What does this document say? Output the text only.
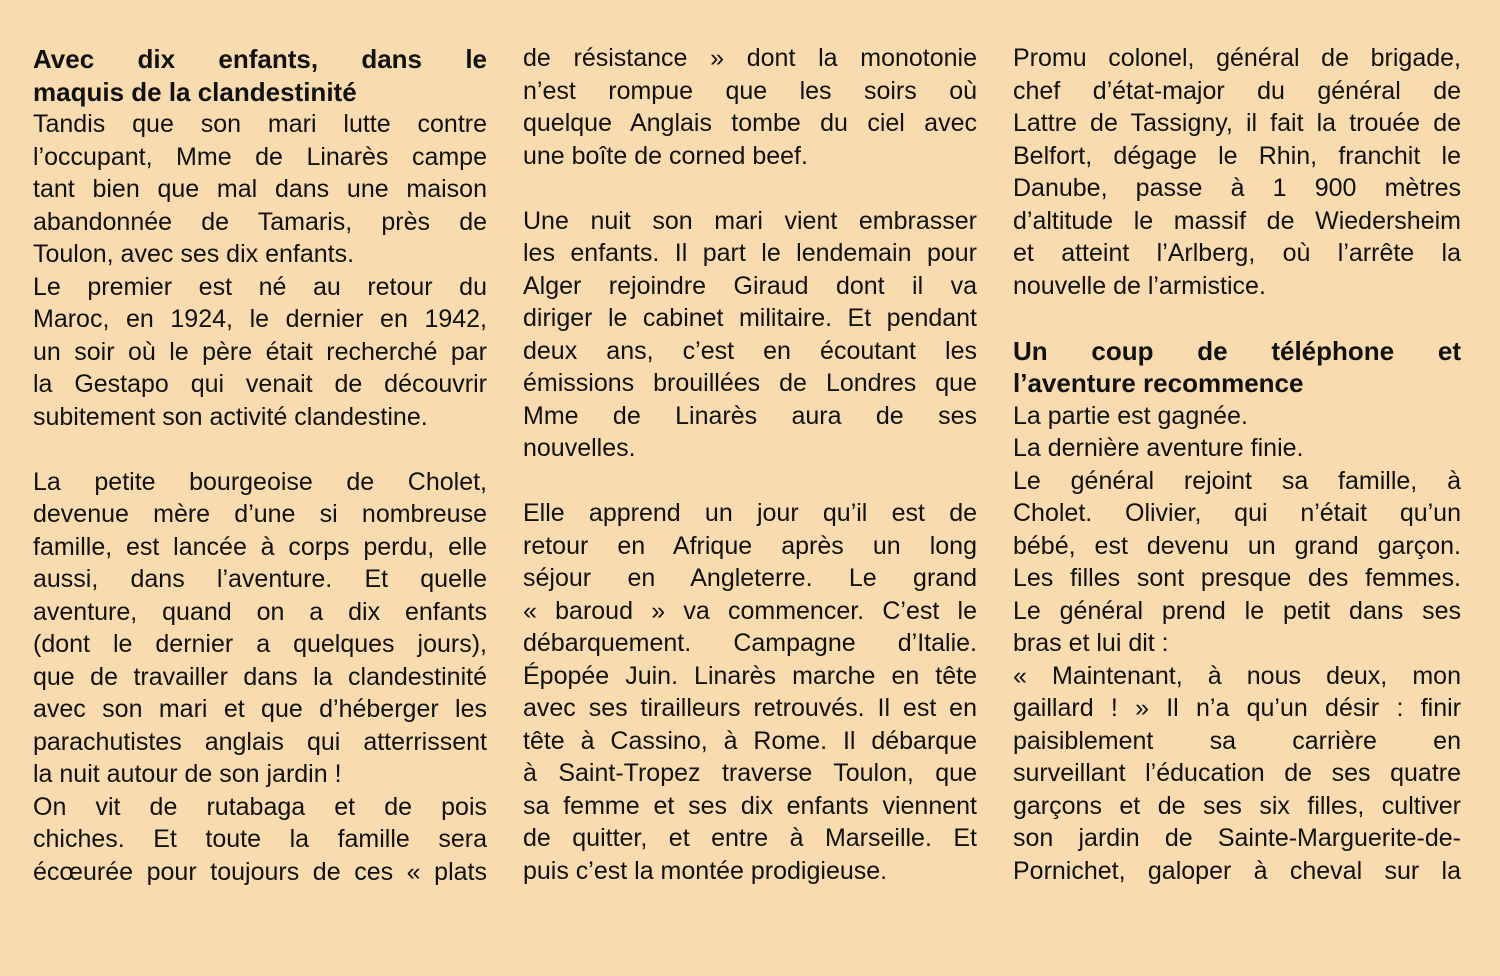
Avec dix enfants, dans le
maquis de la clandestinité
Tandis que son mari lutte contre
l’occupant, Mme de Linarès campe
tant bien que mal dans une maison
abandonnée de Tamaris, près de
Toulon, avec ses dix enfants.
Le premier est né au retour du
Maroc, en 1924, le dernier en 1942,
un soir où le père était recherché par
la Gestapo qui venait de découvrir
subitement son activité clandestine.
La petite bourgeoise de Cholet,
devenue mère d’une si nombreuse
famille, est lancée à corps perdu, elle
aussi, dans l’aventure. Et quelle
aventure, quand on a dix enfants
(dont le dernier a quelques jours),
que de travailler dans la clandestinité
avec son mari et que d’héberger les
parachutistes anglais qui atterrissent
la nuit autour de son jardin !
On vit de rutabaga et de pois
chiches. Et toute la famille sera
écœurée pour toujours de ces « plats
de résistance » dont la monotonie
n’est rompue que les soirs où
quelque Anglais tombe du ciel avec
une boîte de corned beef.
Une nuit son mari vient embrasser
les enfants. Il part le lendemain pour
Alger rejoindre Giraud dont il va
diriger le cabinet militaire. Et pendant
deux ans, c’est en écoutant les
émissions brouillées de Londres que
Mme de Linarès aura de ses
nouvelles.
Elle apprend un jour qu’il est de
retour en Afrique après un long
séjour en Angleterre. Le grand
« baroud » va commencer. C’est le
débarquement. Campagne d’Italie.
Épopée Juin. Linarès marche en tête
avec ses tirailleurs retrouvés. Il est en
tête à Cassino, à Rome. Il débarque
à Saint-Tropez traverse Toulon, que
sa femme et ses dix enfants viennent
de quitter, et entre à Marseille. Et
puis c’est la montée prodigieuse.
Promu colonel, général de brigade,
chef d’état-major du général de
Lattre de Tassigny, il fait la trouée de
Belfort, dégage le Rhin, franchit le
Danube, passe à 1 900 mètres
d’altitude le massif de Wiedersheim
et atteint l’Arlberg, où l’arrête la
nouvelle de l’armistice.
Un coup de téléphone et
l’aventure recommence
La partie est gagnée.
La dernière aventure finie.
Le général rejoint sa famille, à
Cholet. Olivier, qui n’était qu’un
bébé, est devenu un grand garçon.
Les filles sont presque des femmes.
Le général prend le petit dans ses
bras et lui dit :
« Maintenant, à nous deux, mon
gaillard ! » Il n’a qu’un désir : finir
paisiblement sa carrière en
surveillant l’éducation de ses quatre
garçons et de ses six filles, cultiver
son jardin de Sainte-Marguerite-de-
Pornichet, galoper à cheval sur la
